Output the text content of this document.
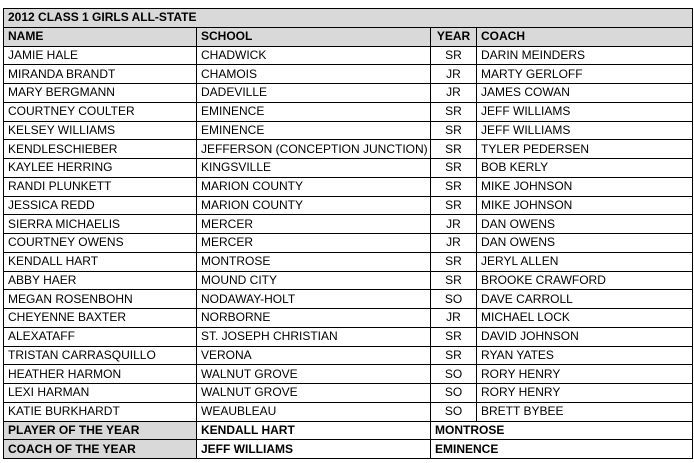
2012 CLASS 1 GIRLS ALL-STATE			
NAME	SCHOOL	YEAR	COACH
JAMIE HALE	CHADWICK	SR	DARIN MEINDERS
MIRANDA BRANDT	CHAMOIS	JR	MARTY GERLOFF
MARY BERGMANN	DADEVILLE	JR	JAMES COWAN
COURTNEY COULTER	EMINENCE	SR	JEFF WILLIAMS
KELSEY WILLIAMS	EMINENCE	SR	JEFF WILLIAMS
KENDLESCHIEBER	JEFFERSON (CONCEPTION JUNCTION)	SR	TYLER PEDERSEN
KAYLEE HERRING	KINGSVILLE	SR	BOB KERLY
RANDI PLUNKETT	MARION COUNTY	SR	MIKE JOHNSON
JESSICA REDD	MARION COUNTY	SR	MIKE JOHNSON
SIERRA MICHAELIS	MERCER	JR	DAN OWENS
COURTNEY OWENS	MERCER	JR	DAN OWENS
KENDALL HART	MONTROSE	SR	JERYL ALLEN
ABBY HAER	MOUND CITY	SR	BROOKE CRAWFORD
MEGAN ROSENBOHN	NODAWAY-HOLT	SO	DAVE CARROLL
CHEYENNE BAXTER	NORBORNE	JR	MICHAEL LOCK
ALEXATAFF	ST. JOSEPH CHRISTIAN	SR	DAVID JOHNSON
TRISTAN CARRASQUILLO	VERONA	SR	RYAN YATES
HEATHER HARMON	WALNUT GROVE	SO	RORY HENRY
LEXI HARMAN	WALNUT GROVE	SO	RORY HENRY
KATIE BURKHARDT	WEAUBLEAU	SO	BRETT BYBEE
PLAYER OF THE YEAR	KENDALL HART	MONTROSE	
COACH OF THE YEAR	JEFF WILLIAMS	EMINENCE	
